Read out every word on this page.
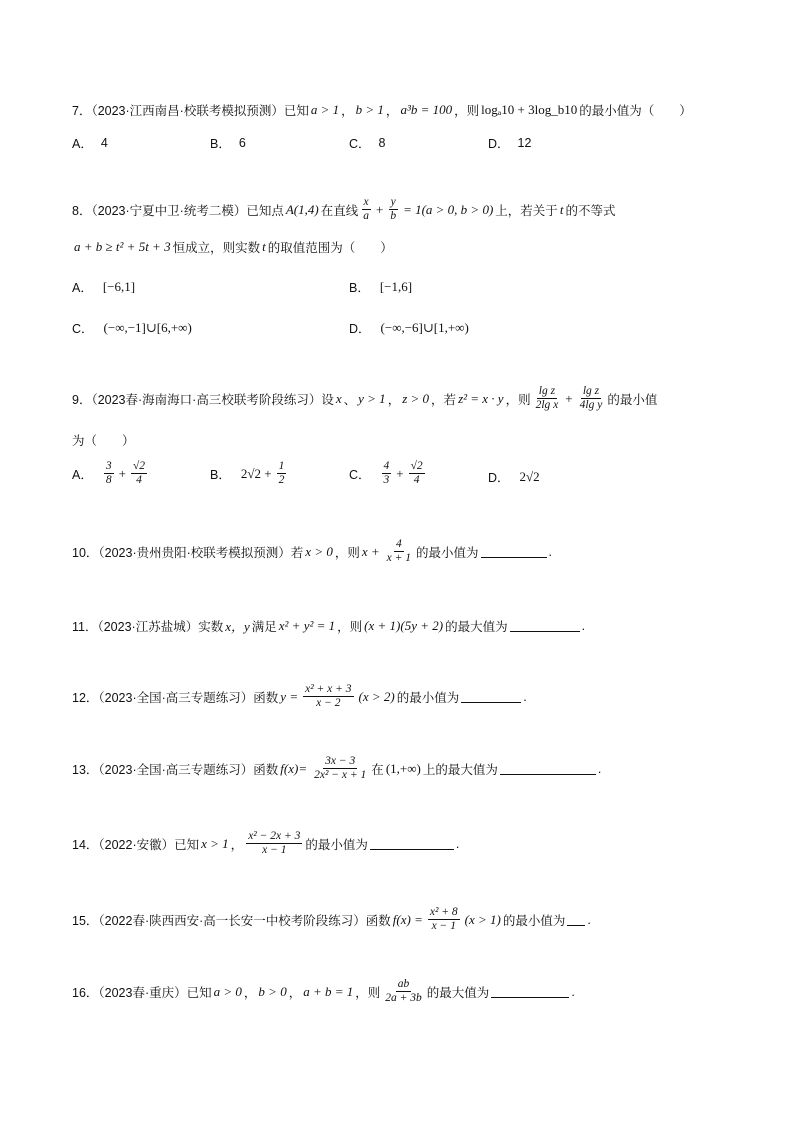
7．（2023·江西南昌·校联考模拟预测）已知 a > 1 ， b > 1 ， a³b = 100 ，则 logₐ10 + 3log_b10 的最小值为（　　）
A． 4	B． 6	C． 8	D． 12
8．（2023·宁夏中卫·统考二模）已知点 A(1,4) 在直线 $\frac{x}{a} + \frac{y}{b} = 1(a > 0$, b > 0) 上，若关于 t 的不等式
a + b ≥ t² + 5t + 3 恒成立，则实数 t 的取值范围为（　　）
A． [−6,1]	B． [−1,6]
C． (−∞,−1]∪[6,+∞)	D． (−∞,−6]∪[1,+∞)
9．（2023春·海南海口·高三校联考阶段练习）设 x 、 y > 1 ， z > 0 ，若 z² = x · y ，则 $\frac{\text{lg z}}{\text{2lg x}} + \frac{\text{lg z}}{\text{4lg y}}$ 的最小值
为（　　）
A． $\frac{3}{8} + \frac{√2}{4}$	B． $2√2 + \frac{1}{2}$	C． $\frac{4}{3} + \frac{√2}{4}$	D． 2√2
10．（2023·贵州贵阳·校联考模拟预测）若 x > 0 ，则 $x + \frac{4}{x + 1}$ 的最小值为	.
11．（2023·江苏盐城）实数 x，y 满足 x² + y² = 1 ，则 (x + 1)(5y + 2) 的最大值为	.
12．（2023·全国·高三专题练习）函数 $y = \frac{\text{x² + x + 3}}{x - 2} (x > 2)$ 的最小值为	.
13．（2023·全国·高三专题练习）函数 $f(x)= \frac{3x - 3}{\text{2x² − x + 1}}$ 在 (1,+∞) 上的最大值为	.
14．（2022·安徽）已知 x > 1 ， $\frac{\text{x² − 2x + 3}}{x - 1}$ 的最小值为	.
15．（2022春·陕西西安·高一长安一中校考阶段练习）函数 $f(x) = \frac{\text{x² + 8}}{x - 1} (x > 1)$ 的最小值为 .
16．（2023春·重庆）已知 a > 0 ， b > 0 ， a + b = 1 ，则 $\frac{ab}{2a + 3b}$ 的最大值为	.
